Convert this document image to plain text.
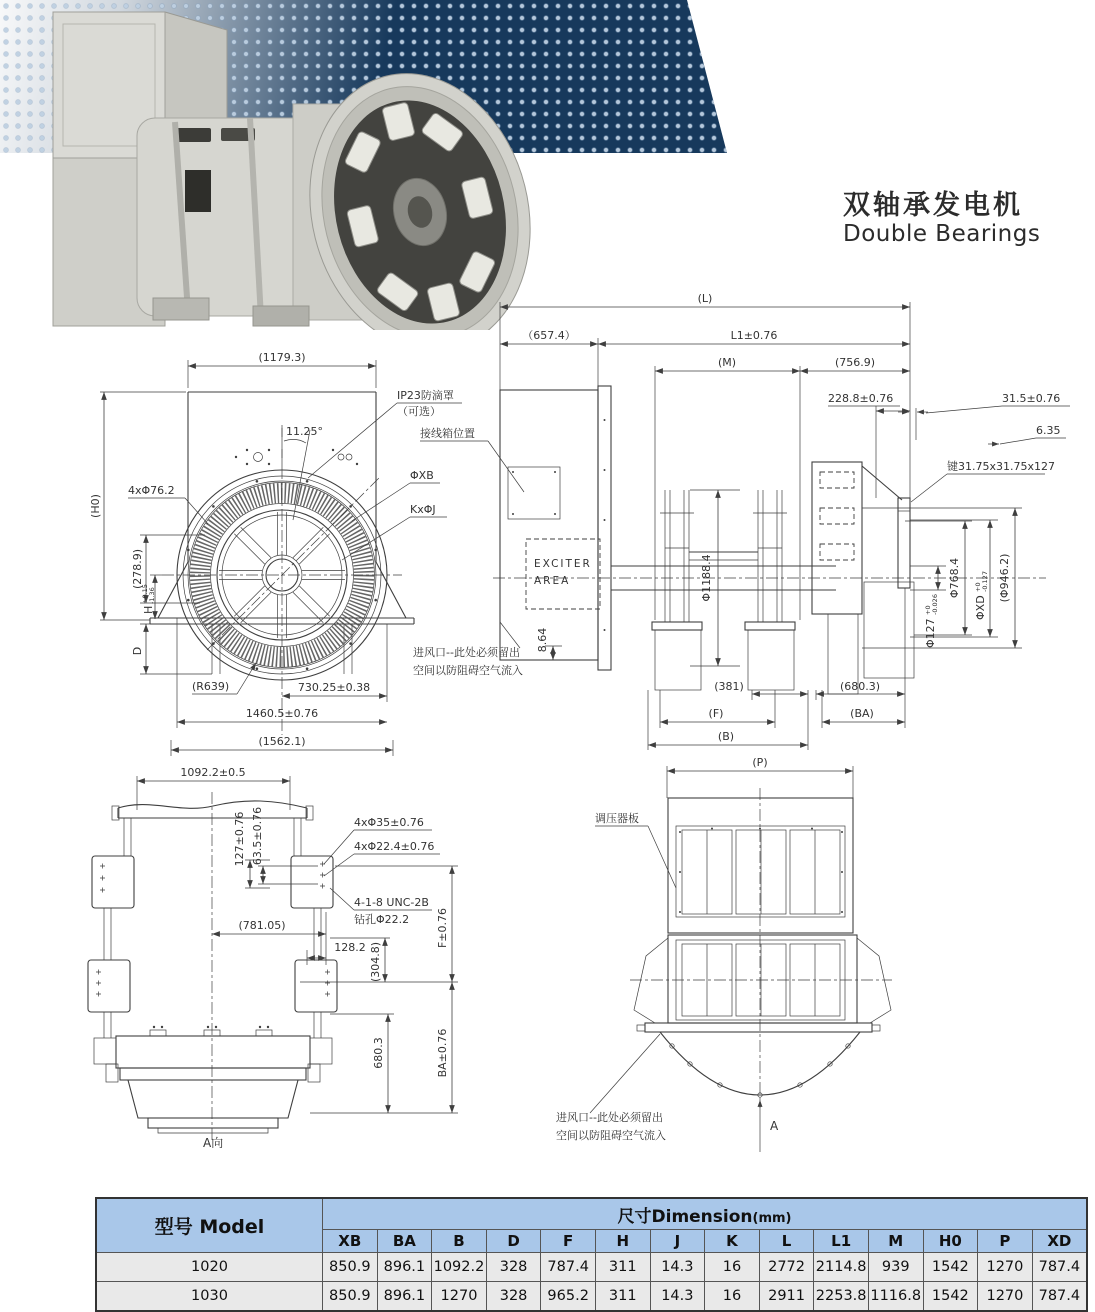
双轴承发电机
Double Bearings
(1179.3)
(H0)
4xΦ76.2
(278.9)
H
+0.15 -1.36
D
11.25°
IP23防滴罩
（可选）
接线箱位置
ΦXB
KxΦJ
(R639)	730.25±0.38
1460.5±0.76
(1562.1)
进风口--此处必须留出
空间以防阻碍空气流入
EXCITER
AREA
8.64
Φ1188.4
(L)
（657.4）	L1±0.76
(M)	(756.9)
228.8±0.76	31.5±0.76
6.35
键31.75x31.75x127
Φ127
+0 -0.026
Φ768.4
ΦXD
+0 -0.127 (Φ946.2)
(381)	(680.3)
(F)	(BA)
(B)
1092.2±0.5
127±0.76 63.5±0.76	4xΦ35±0.76
4xΦ22.4±0.76
4-1-8 UNC-2B
钻孔Φ22.2
(781.05)
128.2 (304.8)
F±0.76
680.3	BA±0.76
A向
(P)
调压器板
进风口--此处必须留出
空间以防阻碍空气流入
A
型号 Model	尺寸Dimension(mm)													
	XB	BA	B	D	F	H	J	K	L	L1	M	H0	P	XD
1020	850.9	896.1	1092.2	328	787.4	311	14.3	16	2772	2114.8	939	1542	1270	787.4
1030	850.9	896.1	1270	328	965.2	311	14.3	16	2911	2253.8	1116.8	1542	1270	787.4
